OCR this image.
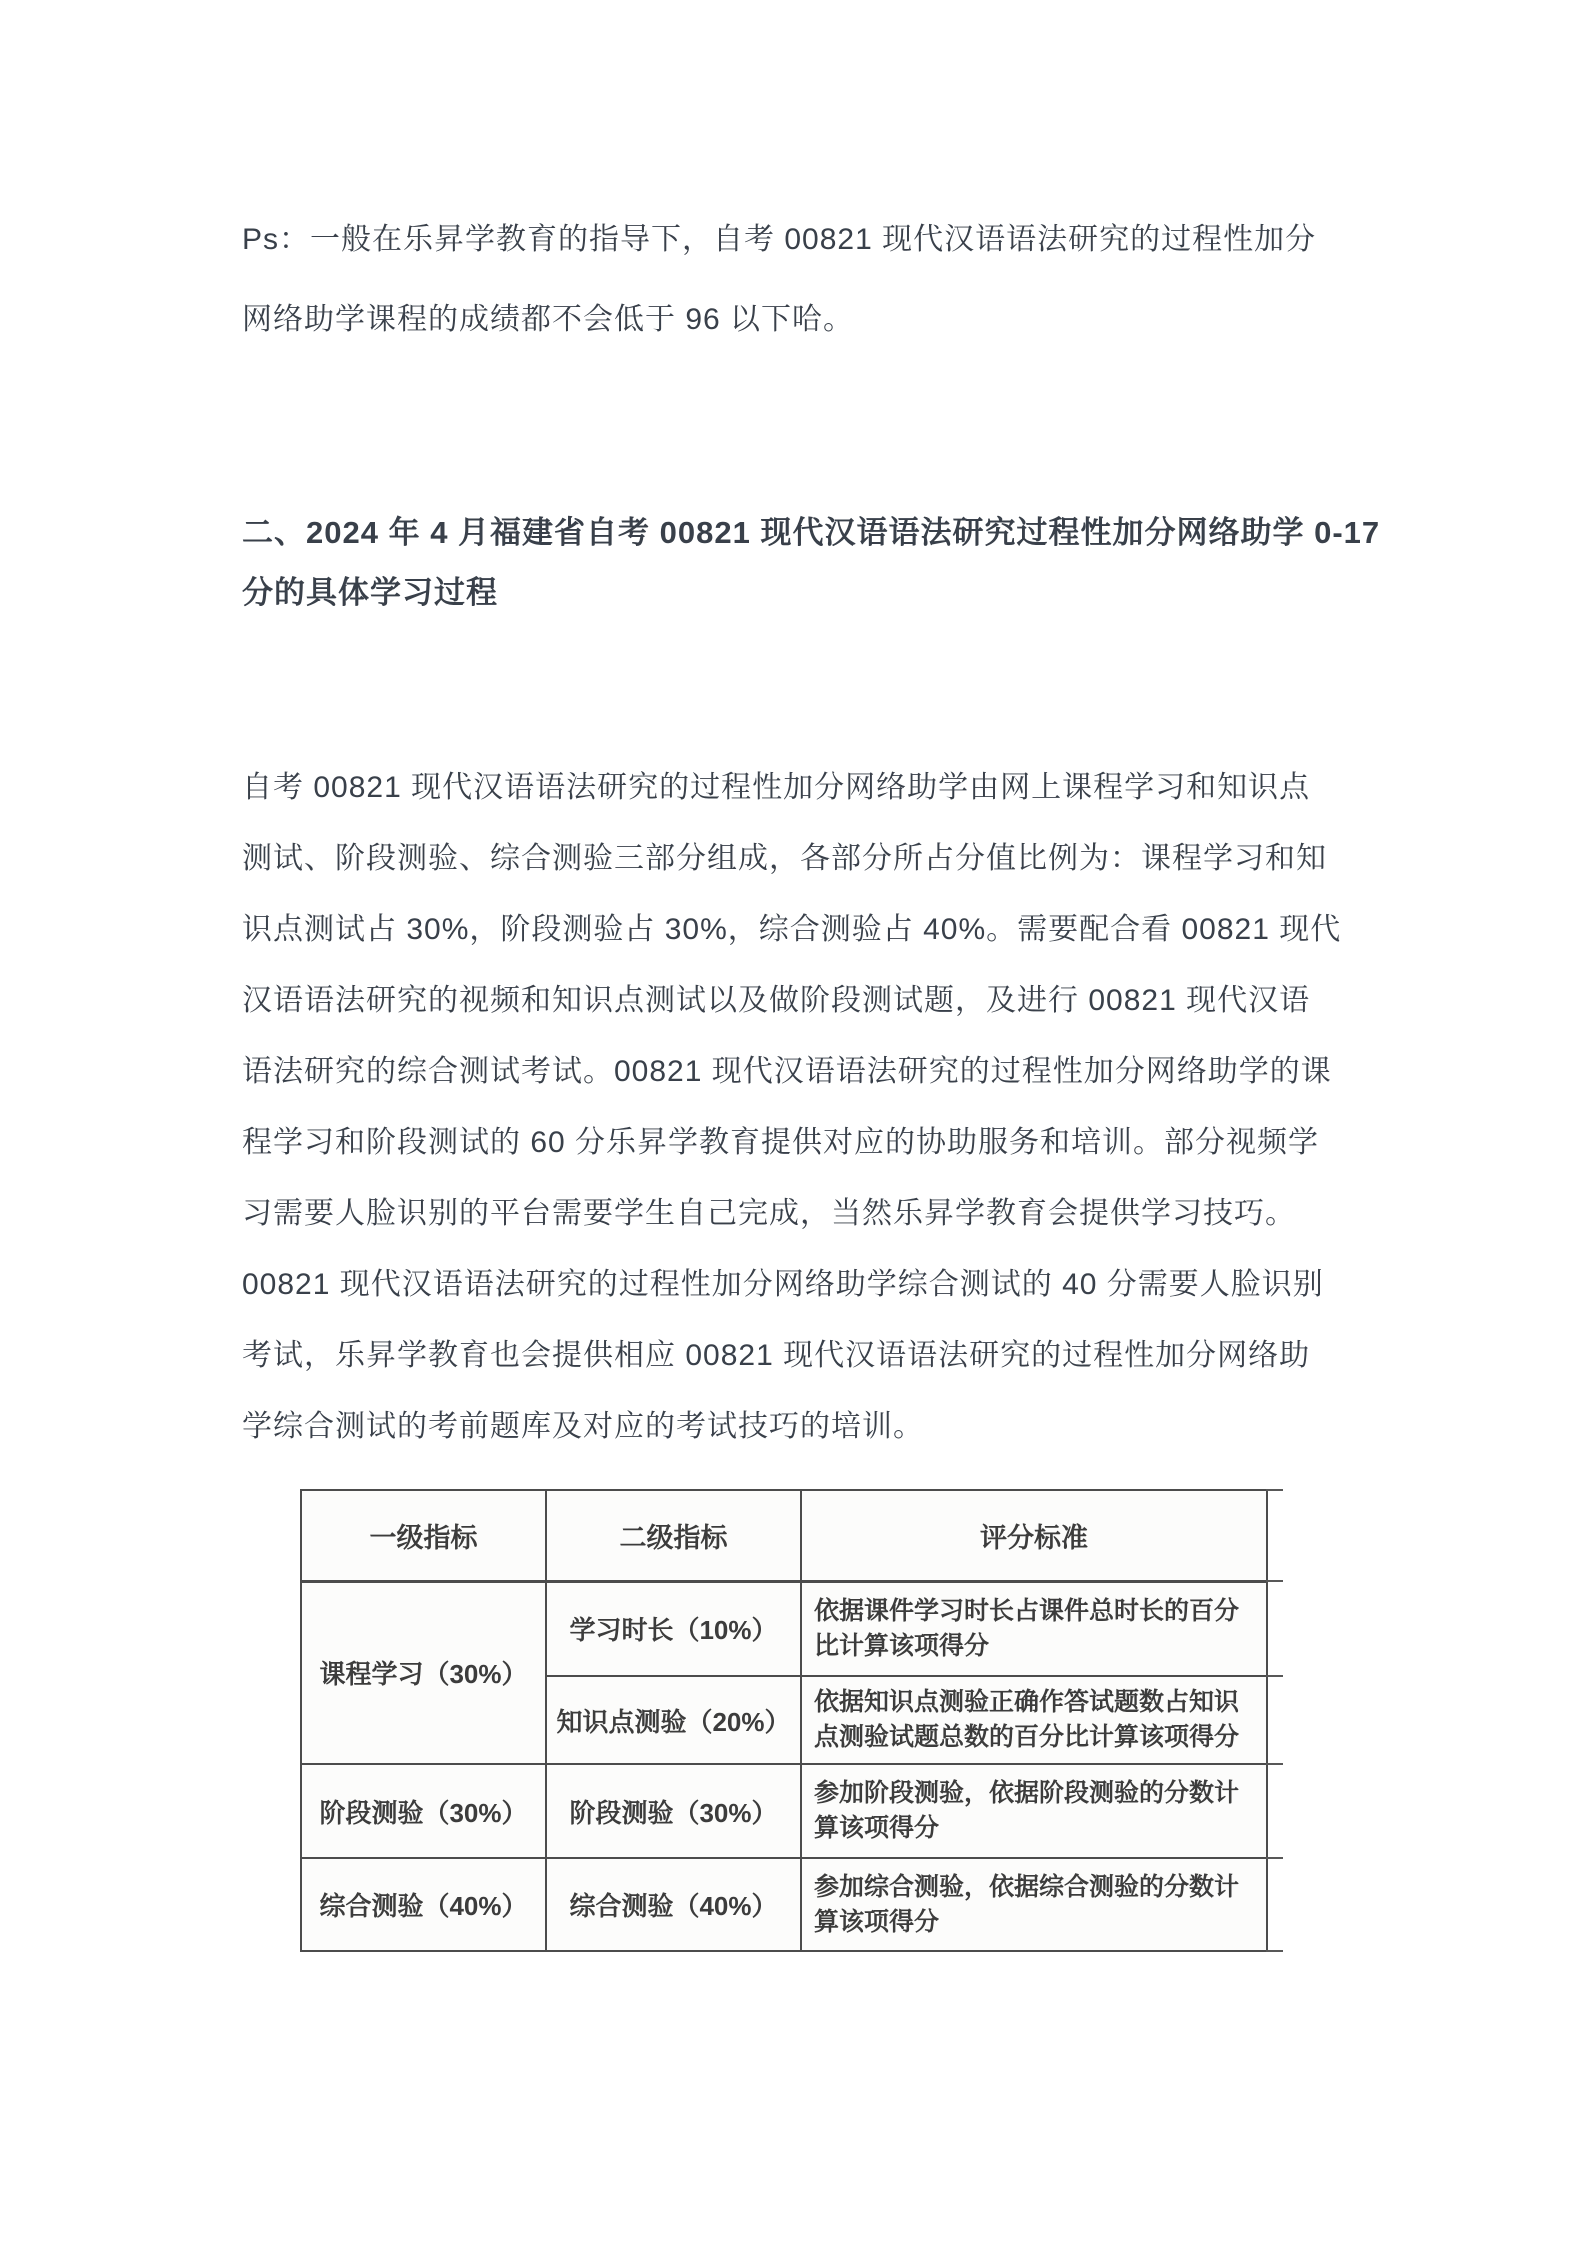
Ps：一般在乐昇学教育的指导下，自考 00821 现代汉语语法研究的过程性加分
网络助学课程的成绩都不会低于 96 以下哈。
二、2024 年 4 月福建省自考 00821 现代汉语语法研究过程性加分网络助学 0-17
分的具体学习过程
自考 00821 现代汉语语法研究的过程性加分网络助学由网上课程学习和知识点
测试、阶段测验、综合测验三部分组成，各部分所占分值比例为：课程学习和知
识点测试占 30%，阶段测验占 30%，综合测验占 40%。需要配合看 00821 现代
汉语语法研究的视频和知识点测试以及做阶段测试题，及进行 00821 现代汉语
语法研究的综合测试考试。00821 现代汉语语法研究的过程性加分网络助学的课
程学习和阶段测试的 60 分乐昇学教育提供对应的协助服务和培训。部分视频学
习需要人脸识别的平台需要学生自己完成，当然乐昇学教育会提供学习技巧。
00821 现代汉语语法研究的过程性加分网络助学综合测试的 40 分需要人脸识别
考试，乐昇学教育也会提供相应 00821 现代汉语语法研究的过程性加分网络助
学综合测试的考前题库及对应的考试技巧的培训。
一级指标	二级指标	评分标准
课程学习（30%）	学习时长（10%）	依据课件学习时长占课件总时长的百分比计算该项得分
	知识点测验（20%）	依据知识点测验正确作答试题数占知识点测验试题总数的百分比计算该项得分
阶段测验（30%）	阶段测验（30%）	参加阶段测验，依据阶段测验的分数计算该项得分
综合测验（40%）	综合测验（40%）	参加综合测验，依据综合测验的分数计算该项得分
